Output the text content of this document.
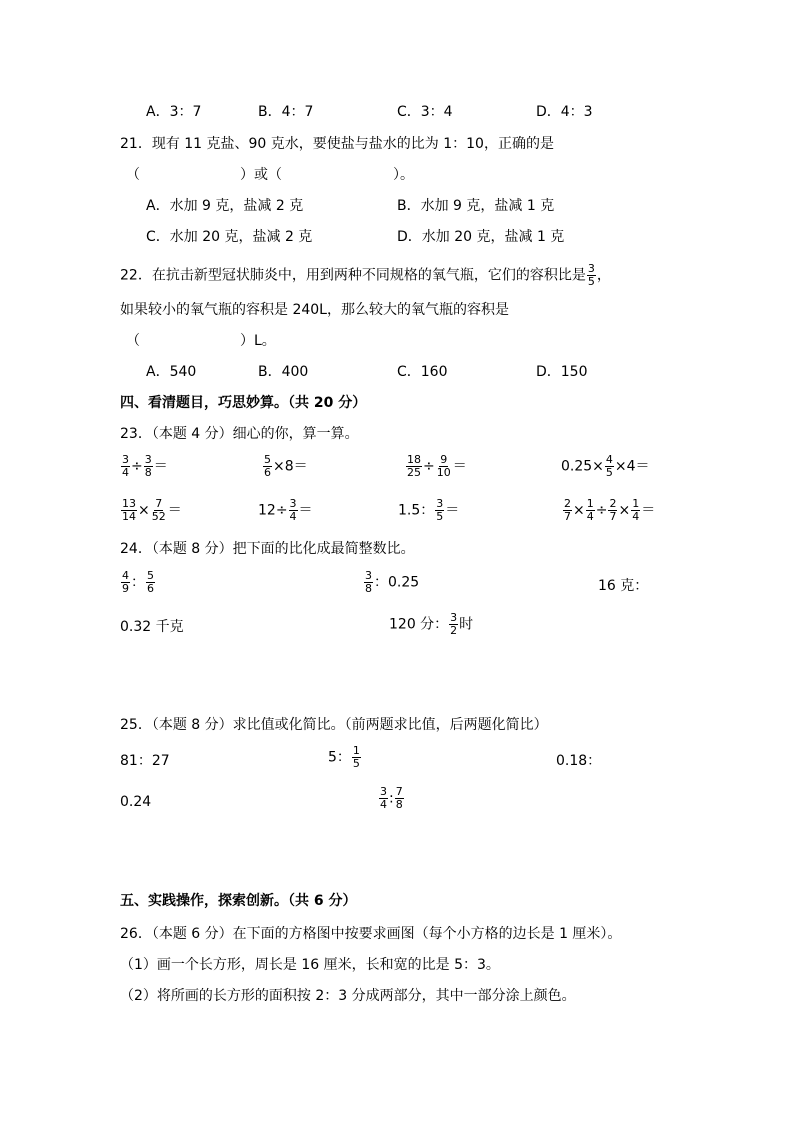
A．3：7	B．4：7	C．3：4	D．4：3
21．现有 11 克盐、90 克水，要使盐与盐水的比为 1：10，正确的是
（	）或（	）。
A．水加 9 克，盐减 2 克	B．水加 9 克，盐减 1 克
C．水加 20 克，盐减 2 克	D．水加 20 克，盐减 1 克
22．在抗击新型冠状肺炎中，用到两种不同规格的氧气瓶，它们的容积比是 $\frac{3}{5}$ ，
如果较小的氧气瓶的容积是 240L，那么较大的氧气瓶的容积是
（	）L。
A．540	B．400	C．160	D．150
四、看清题目，巧思妙算。（共 20 分）
23．（本题 4 分）细心的你，算一算。
$\frac{3}{4} \div \frac{3}{8}$ ＝	$\frac{5}{6} \times 8=$	$\frac{18}{25} \div \frac{9}{10}$ ＝	$0.25\times \frac{4}{5} \times 4=$
$\frac{13}{14} \times \frac{7}{52}$ ＝	$12\div \frac{3}{4}$ ＝	1.5： $\frac{3}{5}$ ＝	$\frac{2}{7} \times \frac{1}{4} \div \frac{2}{7} \times \frac{1}{4}$ ＝
24．（本题 8 分）把下面的比化成最简整数比。
$\frac{4}{9}$ ： $\frac{5}{6}$	$\frac{3}{8}$ ：0.25	16 克：
0.32 千克	120 分： $\frac{3}{2}$ 时
25．（本题 8 分）求比值或化简比。（前两题求比值，后两题化简比）
81：27	5： $\frac{1}{5}$	0.18：
0.24	$\frac{3}{4}$ : $\frac{7}{8}$
五、实践操作，探索创新。（共 6 分）
26．（本题 6 分）在下面的方格图中按要求画图（每个小方格的边长是 1 厘米）。
（1）画一个长方形，周长是 16 厘米，长和宽的比是 5：3。
（2）将所画的长方形的面积按 2：3 分成两部分，其中一部分涂上颜色。
